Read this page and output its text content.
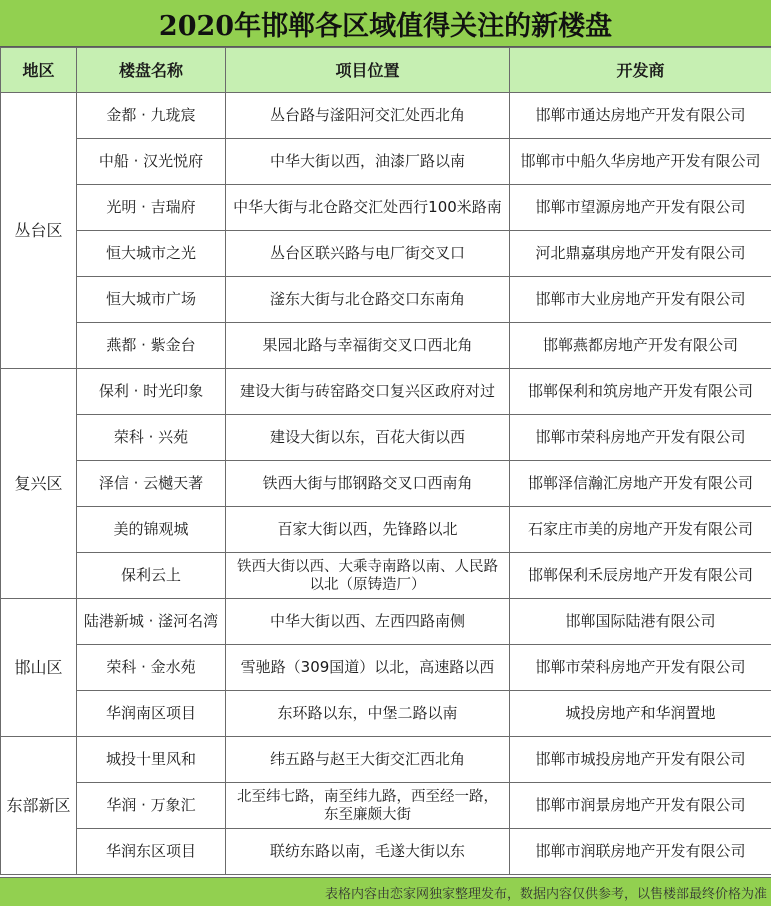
2020年邯郸各区域值得关注的新楼盘
地区	楼盘名称	项目位置	开发商
丛台区	金都 · 九珑宸	丛台路与滏阳河交汇处西北角	邯郸市通达房地产开发有限公司

	中船 · 汉光悦府	中华大街以西，油漆厂路以南	邯郸市中船久华房地产开发有限公司

	光明 · 吉瑞府	中华大街与北仓路交汇处西行100米路南	邯郸市望源房地产开发有限公司

	恒大城市之光	丛台区联兴路与电厂街交叉口	河北鼎嘉琪房地产开发有限公司

	恒大城市广场	滏东大街与北仓路交口东南角	邯郸市大业房地产开发有限公司

	燕都 · 紫金台	果园北路与幸福街交叉口西北角	邯郸燕都房地产开发有限公司

复兴区	保利 · 时光印象	建设大街与砖窑路交口复兴区政府对过	邯郸保利和筑房地产开发有限公司

	荣科 · 兴苑	建设大街以东，百花大街以西	邯郸市荣科房地产开发有限公司

	泽信 · 云樾天著	铁西大街与邯钢路交叉口西南角	邯郸泽信瀚汇房地产开发有限公司

	美的锦观城	百家大街以西，先锋路以北	石家庄市美的房地产开发有限公司

	保利云上	铁西大街以西、大乘寺南路以南、人民路以北（原铸造厂）	邯郸保利禾辰房地产开发有限公司

邯山区	陆港新城 · 滏河名湾	中华大街以西、左西四路南侧	邯郸国际陆港有限公司

	荣科 · 金水苑	雪驰路（309国道）以北，高速路以西	邯郸市荣科房地产开发有限公司

	华润南区项目	东环路以东，中堡二路以南	城投房地产和华润置地

东部新区	城投十里风和	纬五路与赵王大街交汇西北角	邯郸市城投房地产开发有限公司

	华润 · 万象汇	北至纬七路，南至纬九路，西至经一路，东至廉颇大街	邯郸市润景房地产开发有限公司

	华润东区项目	联纺东路以南，毛遂大街以东	邯郸市润联房地产开发有限公司
表格内容由恋家网独家整理发布，数据内容仅供参考，以售楼部最终价格为准
